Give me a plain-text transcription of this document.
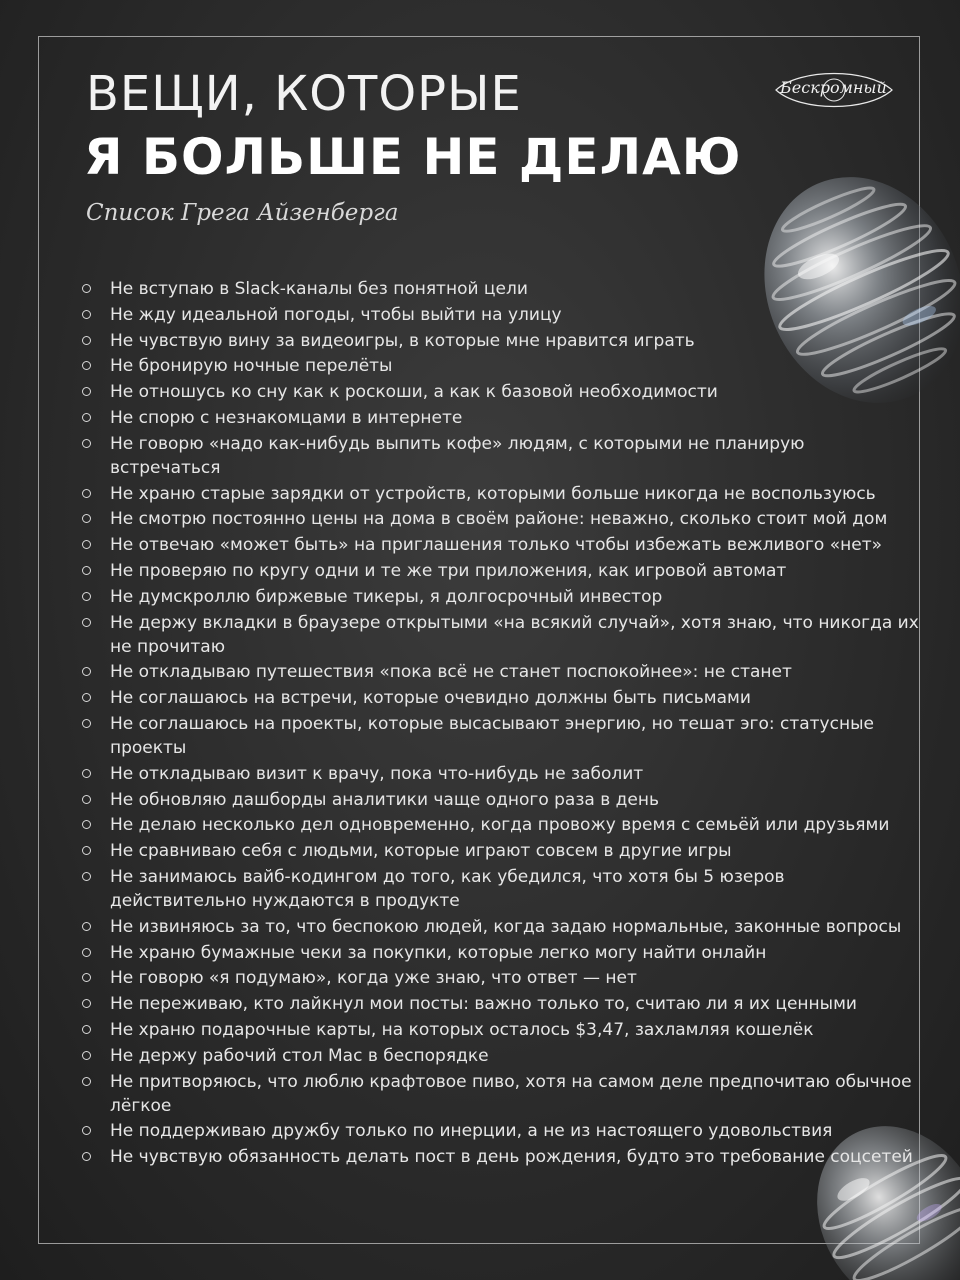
ВЕЩИ, КОТОРЫЕ
Я БОЛЬШЕ НЕ ДЕЛАЮ
Список Грега Айзенберга
Бескромный
Не вступаю в Slack-каналы без понятной цели
Не жду идеальной погоды, чтобы выйти на улицу
Не чувствую вину за видеоигры, в которые мне нравится играть
Не бронирую ночные перелёты
Не отношусь ко сну как к роскоши, а как к базовой необходимости
Не спорю с незнакомцами в интернете
Не говорю «надо как-нибудь выпить кофе» людям, с которыми не планирую встречаться
Не храню старые зарядки от устройств, которыми больше никогда не воспользуюсь
Не смотрю постоянно цены на дома в своём районе: неважно, сколько стоит мой дом
Не отвечаю «может быть» на приглашения только чтобы избежать вежливого «нет»
Не проверяю по кругу одни и те же три приложения, как игровой автомат
Не думскроллю биржевые тикеры, я долгосрочный инвестор
Не держу вкладки в браузере открытыми «на всякий случай», хотя знаю, что никогда их не прочитаю
Не откладываю путешествия «пока всё не станет поспокойнее»: не станет
Не соглашаюсь на встречи, которые очевидно должны быть письмами
Не соглашаюсь на проекты, которые высасывают энергию, но тешат эго: статусные проекты
Не откладываю визит к врачу, пока что-нибудь не заболит
Не обновляю дашборды аналитики чаще одного раза в день
Не делаю несколько дел одновременно, когда провожу время с семьёй или друзьями
Не сравниваю себя с людьми, которые играют совсем в другие игры
Не занимаюсь вайб-кодингом до того, как убедился, что хотя бы 5 юзеров действительно нуждаются в продукте
Не извиняюсь за то, что беспокою людей, когда задаю нормальные, законные вопросы
Не храню бумажные чеки за покупки, которые легко могу найти онлайн
Не говорю «я подумаю», когда уже знаю, что ответ — нет
Не переживаю, кто лайкнул мои посты: важно только то, считаю ли я их ценными
Не храню подарочные карты, на которых осталось $3,47, захламляя кошелёк
Не держу рабочий стол Mac в беспорядке
Не притворяюсь, что люблю крафтовое пиво, хотя на самом деле предпочитаю обычное лёгкое
Не поддерживаю дружбу только по инерции, а не из настоящего удовольствия
Не чувствую обязанность делать пост в день рождения, будто это требование соцсетей
